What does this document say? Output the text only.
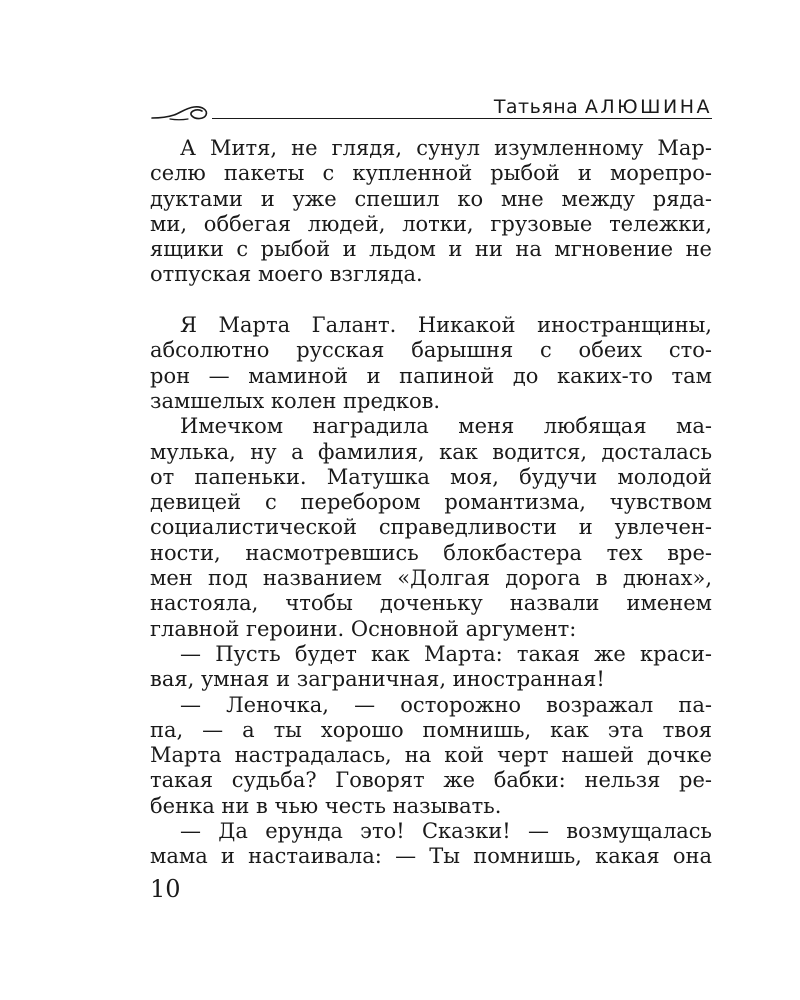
Татьяна АЛЮШИНА
А Митя, не глядя, сунул изумленному Мар-
селю пакеты с купленной рыбой и морепро-
дуктами и уже спешил ко мне между ряда-
ми, оббегая людей, лотки, грузовые тележки,
ящики с рыбой и льдом и ни на мгновение не
отпуская моего взгляда.
Я Марта Галант. Никакой иностранщины,
абсолютно русская барышня с обеих сто-
рон — маминой и папиной до каких-то там
замшелых колен предков.
Имечком наградила меня любящая ма-
мулька, ну а фамилия, как водится, досталась
от папеньки. Матушка моя, будучи молодой
девицей с перебором романтизма, чувством
социалистической справедливости и увлечен-
ности, насмотревшись блокбастера тех вре-
мен под названием «Долгая дорога в дюнах»,
настояла, чтобы доченьку назвали именем
главной героини. Основной аргумент:
— Пусть будет как Марта: такая же краси-
вая, умная и заграничная, иностранная!
— Леночка, — осторожно возражал па-
па, — а ты хорошо помнишь, как эта твоя
Марта настрадалась, на кой черт нашей дочке
такая судьба? Говорят же бабки: нельзя ре-
бенка ни в чью честь называть.
— Да ерунда это! Сказки! — возмущалась
мама и настаивала: — Ты помнишь, какая она
10
